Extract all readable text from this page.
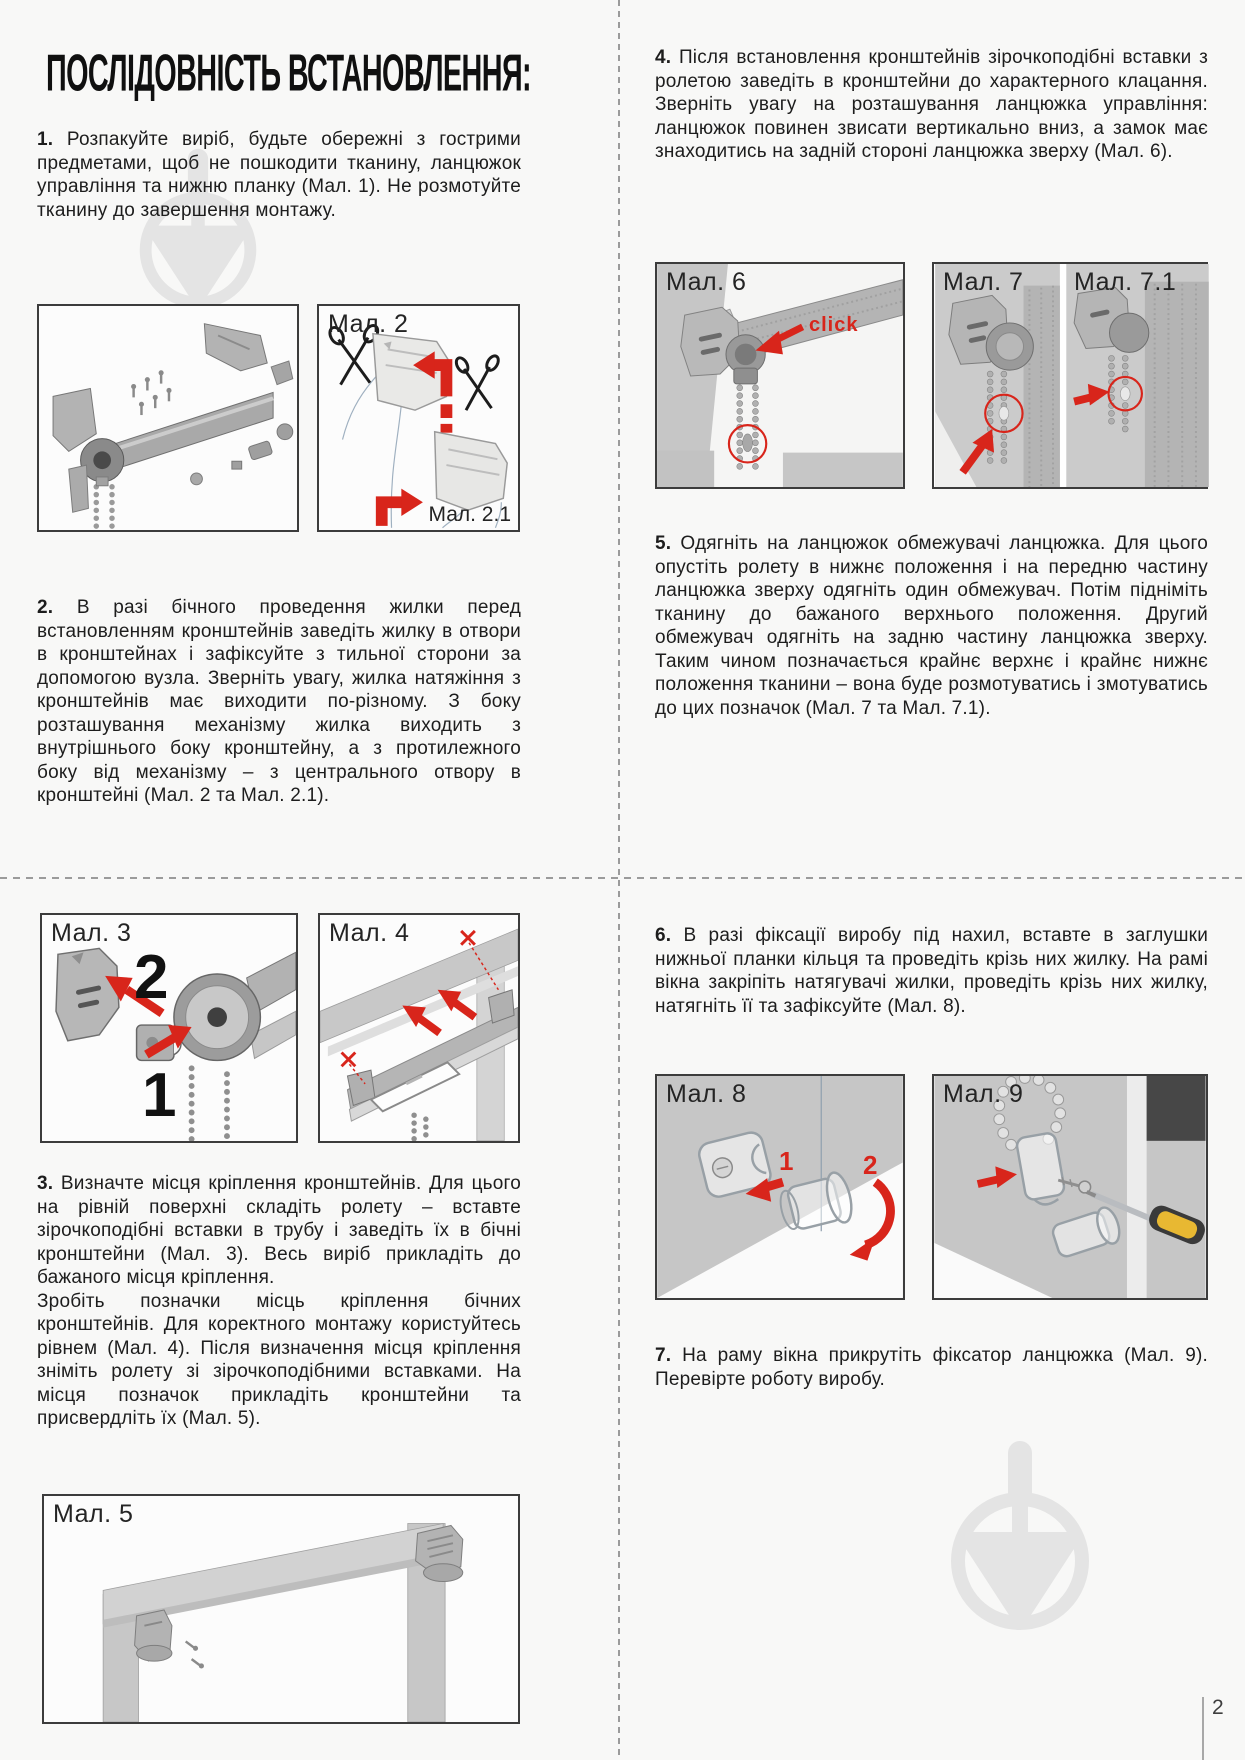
ПОСЛІДОВНІСТЬ ВСТАНОВЛЕННЯ:

1. Розпакуйте виріб, будьте обережні з гострими предметами, щоб не пошкодити тканину, ланцюжок управління та нижню планку (Мал. 1). Не розмотуйте тканину до завершення монтажу.

Мал. 2
Мал. 2.1

2. В разі бічного проведення жилки перед встановленням кронштейнів заведіть жилку в отвори в кронштейнах і зафіксуйте з тильної сторони за допомогою вузла. Зверніть увагу, жилка натяжіння з кронштейнів має виходити по-різному. З боку розташування механізму жилка виходить з внутрішнього боку кронштейну, а з протилежного боку від механізму – з центрального отвору в кронштейні (Мал. 2 та Мал. 2.1).

Мал. 3
2
1
Мал. 4

3. Визначте місця кріплення кронштейнів. Для цього на рівній поверхні складіть ролету – вставте зірочкоподібні вставки в трубу і заведіть їх в бічні кронштейни (Мал. 3). Весь виріб прикладіть до бажаного місця кріплення.

Зробіть позначки місць кріплення бічних кронштейнів. Для коректного монтажу користуйтесь рівнем (Мал. 4). Після визначення місця кріплення зніміть ролету зі зірочкоподібними вставками. На місця позначок прикладіть кронштейни та присвердліть їх (Мал. 5).

Мал. 5

4. Після встановлення кронштейнів зірочкоподібні вставки з ролетою заведіть в кронштейни до характерного клацання. Зверніть увагу на розташування ланцюжка управління: ланцюжок повинен звисати вертикально вниз, а замок має знаходитись на задній стороні ланцюжка зверху (Мал. 6).

Мал. 6
click
Мал. 7 Мал. 7.1

5. Одягніть на ланцюжок обмежувачі ланцюжка. Для цього опустіть ролету в нижнє положення і на передню частину ланцюжка зверху одягніть один обмежувач. Потім підніміть тканину до бажаного верхнього положення. Другий обмежувач одягніть на задню частину ланцюжка зверху. Таким чином позначається крайнє верхнє і крайнє нижнє положення тканини – вона буде розмотуватись і змотуватись до цих позначок (Мал. 7 та Мал. 7.1).

6. В разі фіксації виробу під нахил, вставте в заглушки нижньої планки кільця та проведіть крізь них жилку. На рамі вікна закріпіть натягувачі жилки, проведіть крізь них жилку, натягніть її та зафіксуйте (Мал. 8).

Мал. 8
1	2
Мал. 9

7. На раму вікна прикрутіть фіксатор ланцюжка (Мал. 9). Перевірте роботу виробу.

2
